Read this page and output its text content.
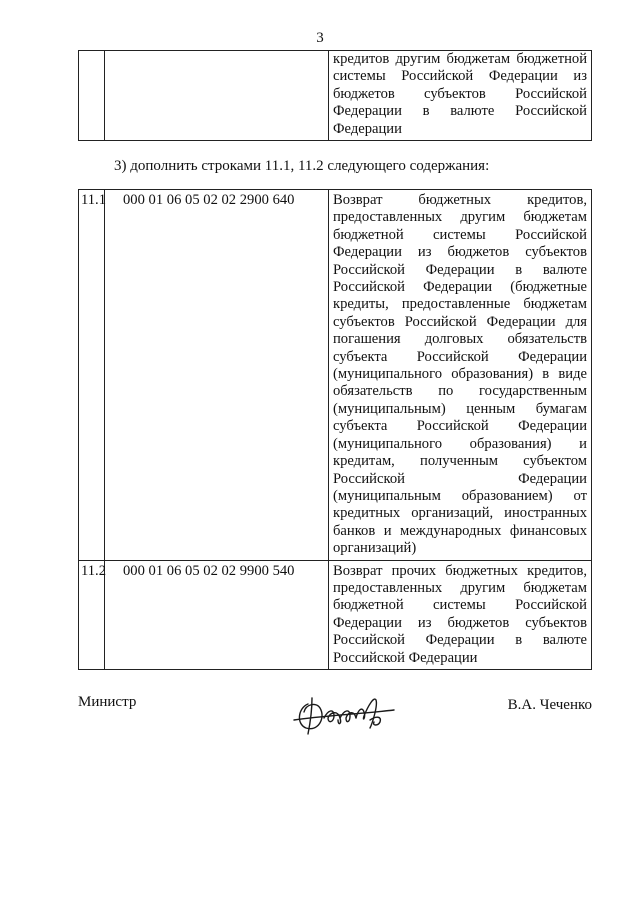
3
		кредитов другим бюджетам бюджетной системы Российской Федерации из бюджетов субъектов Российской Федерации в валюте Российской Федерации
3) дополнить строками 11.1, 11.2 следующего содержания:
11.1	000 01 06 05 02 02 2900 640	Возврат бюджетных кредитов, предоставленных другим бюджетам бюджетной системы Российской Федерации из бюджетов субъектов Российской Федерации в валюте Российской Федерации (бюджетные кредиты, предоставленные бюджетам субъектов Российской Федерации для погашения долговых обязательств субъекта Российской Федерации (муниципального образования) в виде обязательств по государственным (муниципальным) ценным бумагам субъекта Российской Федерации (муниципального образования) и кредитам, полученным субъектом Российской Федерации (муниципальным образованием) от кредитных организаций, иностранных банков и международных финансовых организаций)
11.2	000 01 06 05 02 02 9900 540	Возврат прочих бюджетных кредитов, предоставленных другим бюджетам бюджетной системы Российской Федерации из бюджетов субъектов Российской Федерации в валюте Российской Федерации
Министр	В.А. Чеченко
